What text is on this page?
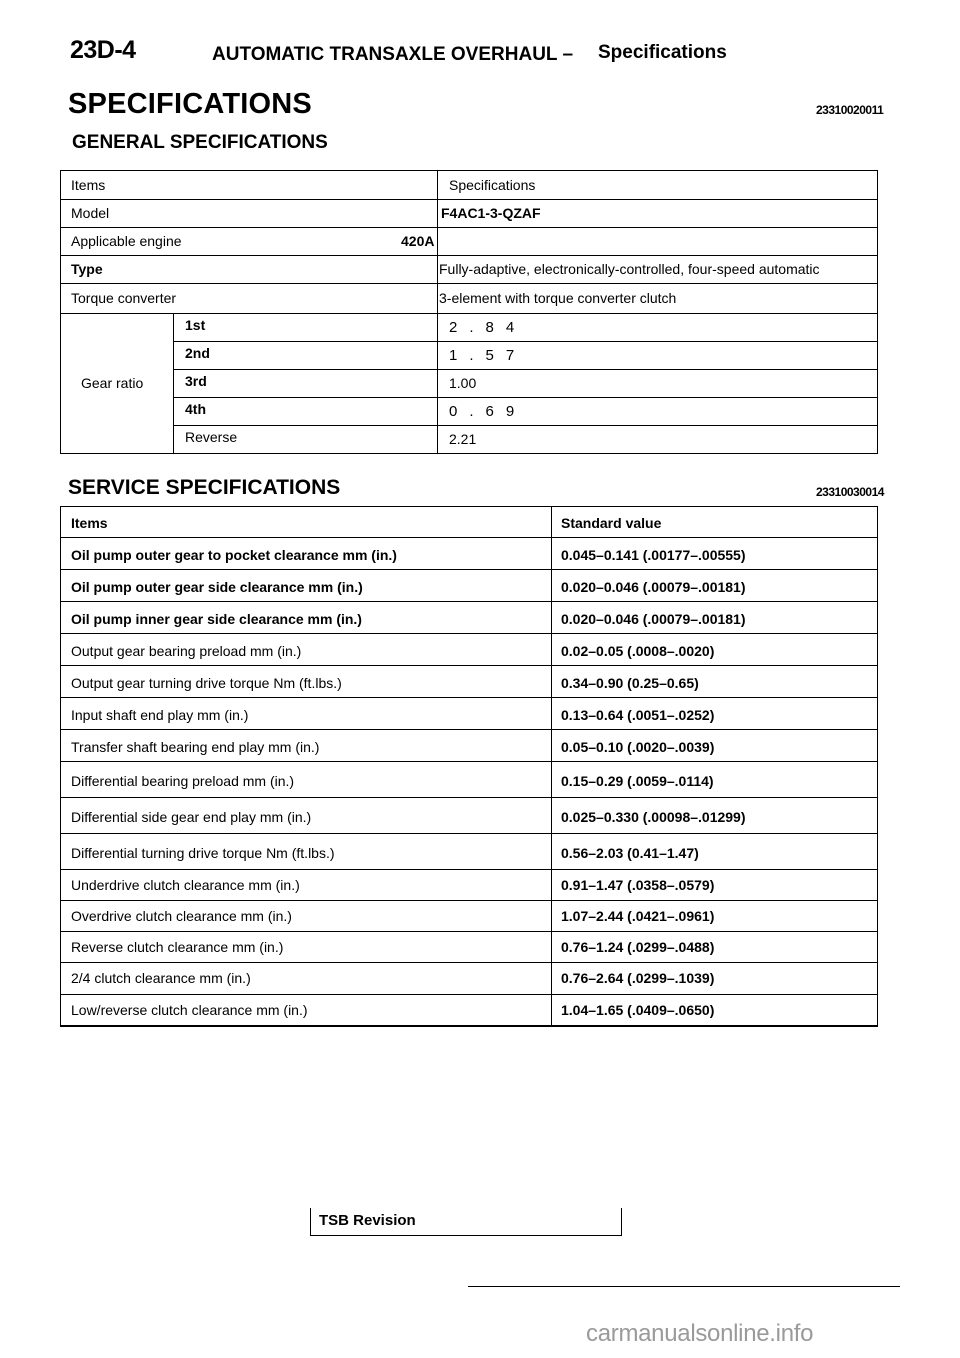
23D-4	AUTOMATIC TRANSAXLE OVERHAUL – Specifications
SPECIFICATIONS	23310020011
GENERAL SPECIFICATIONS
Items	Specifications
Model	F4AC1-3-QZAF
Applicable engine	420A
Type	Fully-adaptive, electronically-controlled, four-speed automatic
Torque converter	3-element with torque converter clutch
Gear ratio
1st	2.84
2nd	1.57
3rd	1.00
4th	0.69
Reverse	2.21
SERVICE SPECIFICATIONS	23310030014
Items	Standard value
Oil pump outer gear to pocket clearance mm (in.)	0.045–0.141 (.00177–.00555)
Oil pump outer gear side clearance mm (in.)	0.020–0.046 (.00079–.00181)
Oil pump inner gear side clearance mm (in.)	0.020–0.046 (.00079–.00181)
Output gear bearing preload mm (in.)	0.02–0.05 (.0008–.0020)
Output gear turning drive torque Nm (ft.lbs.)	0.34–0.90 (0.25–0.65)
Input shaft end play mm (in.)	0.13–0.64 (.0051–.0252)
Transfer shaft bearing end play mm (in.)	0.05–0.10 (.0020–.0039)
Differential bearing preload mm (in.)	0.15–0.29 (.0059–.0114)
Differential side gear end play mm (in.)	0.025–0.330 (.00098–.01299)
Differential turning drive torque Nm (ft.lbs.)	0.56–2.03 (0.41–1.47)
Underdrive clutch clearance mm (in.)	0.91–1.47 (.0358–.0579)
Overdrive clutch clearance mm (in.)	1.07–2.44 (.0421–.0961)
Reverse clutch clearance mm (in.)	0.76–1.24 (.0299–.0488)
2/4 clutch clearance mm (in.)	0.76–2.64 (.0299–.1039)
Low/reverse clutch clearance mm (in.)	1.04–1.65 (.0409–.0650)
TSB Revision
carmanualsonline.info
